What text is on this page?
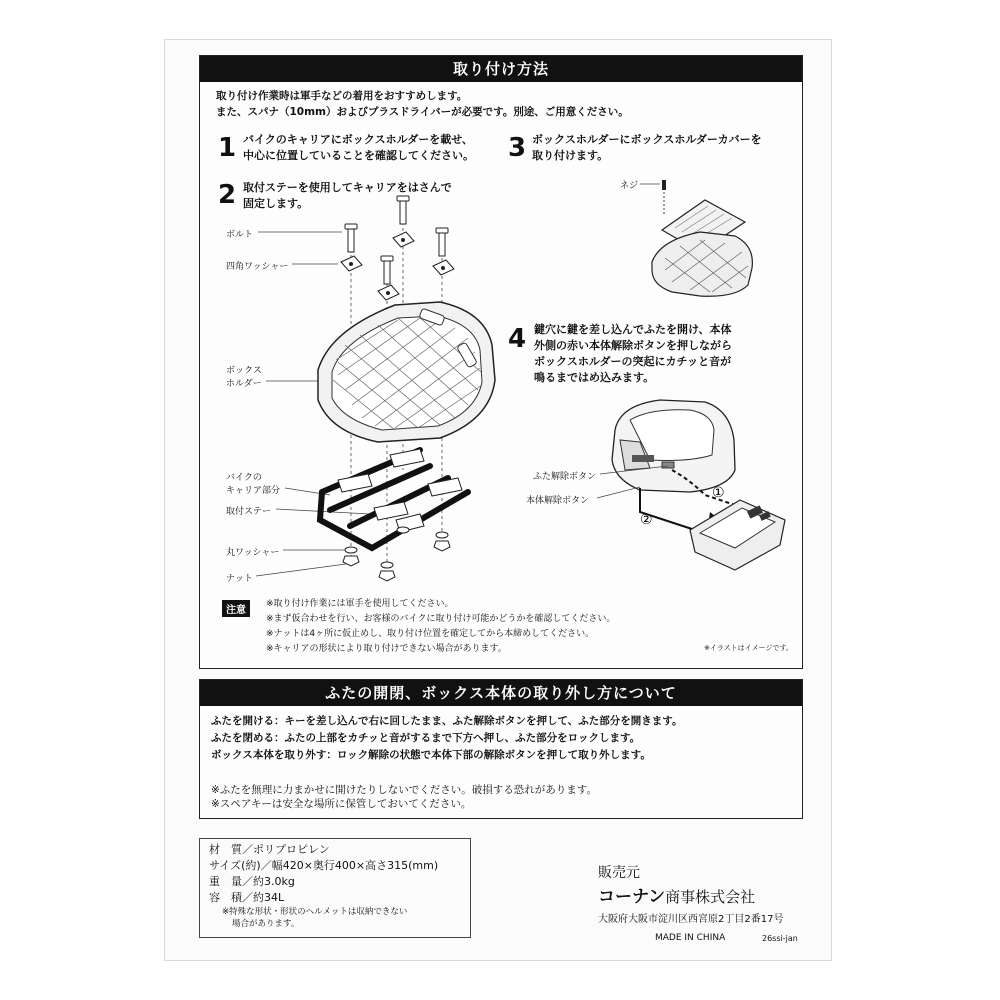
取り付け方法
取り付け作業時は軍手などの着用をおすすめします。
また、スパナ（10mm）およびプラスドライバーが必要です。別途、ご用意ください。
1 バイクのキャリアにボックスホルダーを載せ、
中心に位置していることを確認してください。 3 ボックスホルダーにボックスホルダーカバーを
取り付けます。
2 取付ステーを使用してキャリアをはさんで
固定します。
4 鍵穴に鍵を差し込んでふたを開け、本体
外側の赤い本体解除ボタンを押しながら
ボックスホルダーの突起にカチッと音が
鳴るまではめ込みます。
ボルト
四角ワッシャー
ボックス
ホルダー
バイクの
キャリア部分
取付ステー
丸ワッシャー
ナット
ネジ
ふた解除ボタン
本体解除ボタン	①
②
注意
※取り付け作業には軍手を使用してください。
※まず仮合わせを行い、お客様のバイクに取り付け可能かどうかを確認してください。
※ナットは4ヶ所に仮止めし、取り付け位置を確定してから本締めしてください。
※キャリアの形状により取り付けできない場合があります。	※イラストはイメージです。
ふたの開閉、ボックス本体の取り外し方について
ふたを開ける：キーを差し込んで右に回したまま、ふた解除ボタンを押して、ふた部分を開きます。
ふたを閉める：ふたの上部をカチッと音がするまで下方へ押し、ふた部分をロックします。
ボックス本体を取り外す：ロック解除の状態で本体下部の解除ボタンを押して取り外します。
※ふたを無理に力まかせに開けたりしないでください。破損する恐れがあります。
※スペアキーは安全な場所に保管しておいてください。
材　質／ポリプロピレン
サイズ(約)／幅420×奥行400×高さ315(mm)
重　量／約3.0kg
容　積／約34L
※特殊な形状・形状のヘルメットは収納できない
場合があります。
販売元
コーナン商事株式会社
大阪府大阪市淀川区西宮原2丁目2番17号
MADE IN CHINA	26ssi-jan
